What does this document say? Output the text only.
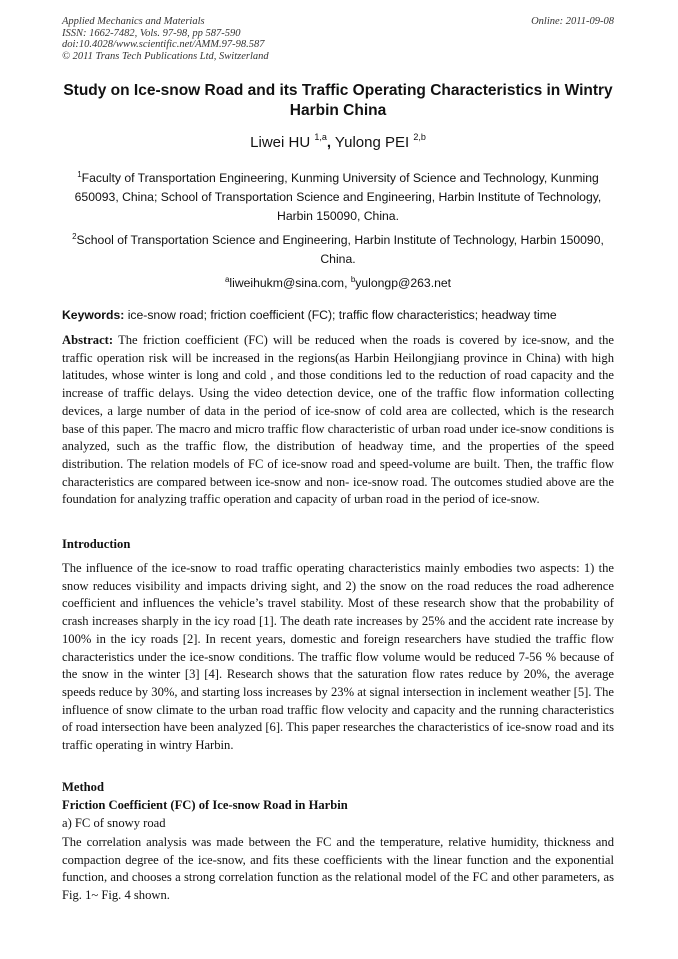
Applied Mechanics and Materials
ISSN: 1662-7482, Vols. 97-98, pp 587-590
doi:10.4028/www.scientific.net/AMM.97-98.587
© 2011 Trans Tech Publications Ltd, Switzerland
Online: 2011-09-08
Study on Ice-snow Road and its Traffic Operating Characteristics in Wintry Harbin China
Liwei HU $^{1,a}$, Yulong PEI $^{2,b}$
$^1$Faculty of Transportation Engineering, Kunming University of Science and Technology, Kunming 650093, China; School of Transportation Science and Engineering, Harbin Institute of Technology, Harbin 150090, China.
$^2$School of Transportation Science and Engineering, Harbin Institute of Technology, Harbin 150090, China.
$^a$liweihukm@sina.com, $^b$yulongp@263.net
Keywords: ice-snow road; friction coefficient (FC); traffic flow characteristics; headway time
Abstract: The friction coefficient (FC) will be reduced when the roads is covered by ice-snow, and the traffic operation risk will be increased in the regions(as Harbin Heilongjiang province in China) with high latitudes, whose winter is long and cold , and those conditions led to the reduction of road capacity and the increase of traffic delays. Using the video detection device, one of the traffic flow information collecting devices, a large number of data in the period of ice-snow of cold area are collected, which is the research base of this paper. The macro and micro traffic flow characteristic of urban road under ice-snow conditions is analyzed, such as the traffic flow, the distribution of headway time, and the properties of the speed distribution. The relation models of FC of ice-snow road and speed-volume are built. Then, the traffic flow characteristics are compared between ice-snow and non- ice-snow road. The outcomes studied above are the foundation for analyzing traffic operation and capacity of urban road in the period of ice-snow.
Introduction
The influence of the ice-snow to road traffic operating characteristics mainly embodies two aspects: 1) the snow reduces visibility and impacts driving sight, and 2) the snow on the road reduces the road adherence coefficient and influences the vehicle’s travel stability. Most of these research show that the probability of crash increases sharply in the icy road [1]. The death rate increases by 25% and the accident rate increase by 100% in the icy roads [2]. In recent years, domestic and foreign researchers have studied the traffic flow characteristics under the ice-snow conditions. The traffic flow volume would be reduced 7-56 % because of the snow in the winter [3] [4]. Research shows that the saturation flow rates reduce by 20%, the average speeds reduce by 30%, and starting loss increases by 23% at signal intersection in inclement weather [5]. The influence of snow climate to the urban road traffic flow velocity and capacity and the running characteristics of road intersection have been analyzed [6]. This paper researches the characteristics of ice-snow road and its traffic operating in wintry Harbin.
Method
Friction Coefficient (FC) of Ice-snow Road in Harbin
a) FC of snowy road
The correlation analysis was made between the FC and the temperature, relative humidity, thickness and compaction degree of the ice-snow, and fits these coefficients with the linear function and the exponential function, and chooses a strong correlation function as the relational model of the FC and other parameters, as Fig. 1~ Fig. 4 shown.
